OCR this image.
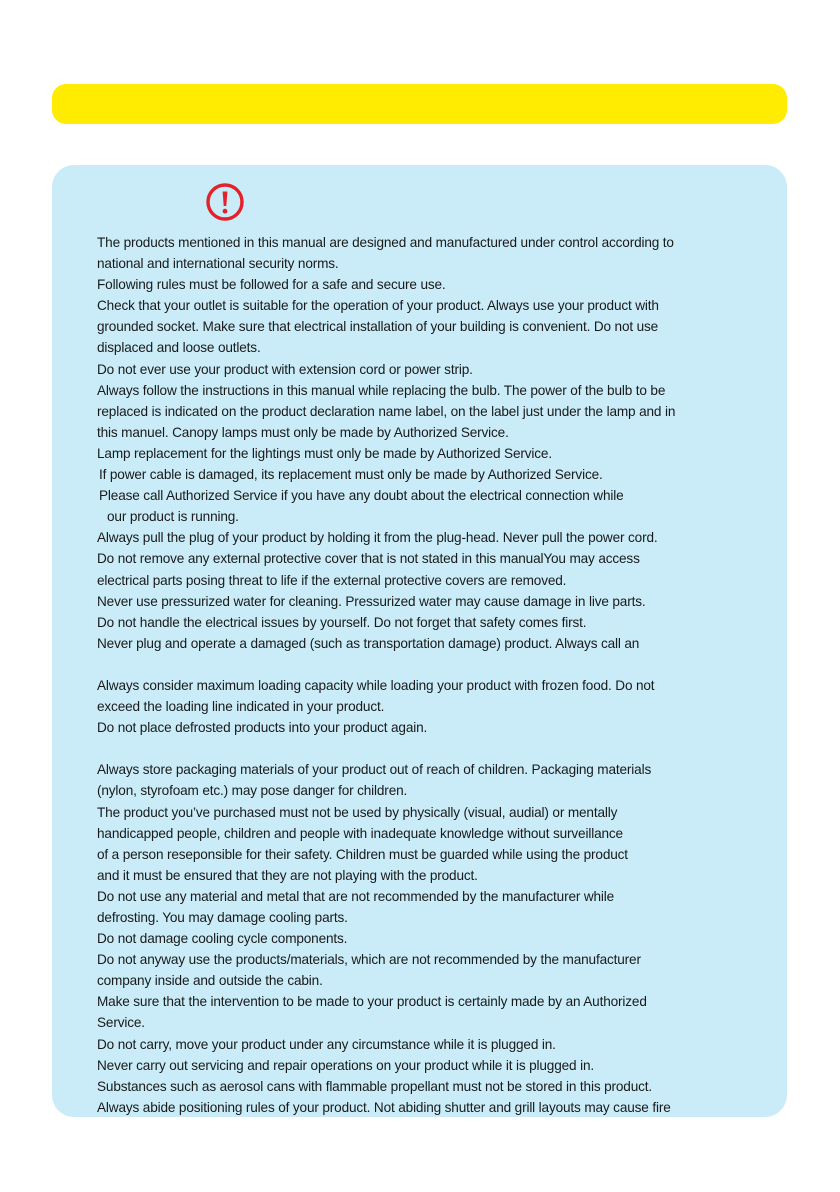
The products mentioned in this manual are designed and manufactured under control according to

national and international security norms.

Following rules must be followed for a safe and secure use.

Check that your outlet is suitable for the operation of your product. Always use your product with

grounded socket. Make sure that electrical installation of your building is convenient. Do not use

displaced and loose outlets.

Do not ever use your product with extension cord or power strip.

Always follow the instructions in this manual while replacing the bulb. The power of the bulb to be

replaced is indicated on the product declaration name label, on the label just under the lamp and in

this manuel. Canopy lamps must only be made by Authorized Service.

Lamp replacement for the lightings must only be made by Authorized Service.

If power cable is damaged, its replacement must only be made by Authorized Service.

Please call Authorized Service if you have any doubt about the electrical connection while

our product is running.

Always pull the plug of your product by holding it from the plug-head. Never pull the power cord.

Do not remove any external protective cover that is not stated in this manualYou may access

electrical parts posing threat to life if the external protective covers are removed.

Never use pressurized water for cleaning. Pressurized water may cause damage in live parts.

Do not handle the electrical issues by yourself. Do not forget that safety comes first.

Never plug and operate a damaged (such as transportation damage) product. Always call an

Always consider maximum loading capacity while loading your product with frozen food. Do not

exceed the loading line indicated in your product.

Do not place defrosted products into your product again.

Always store packaging materials of your product out of reach of children. Packaging materials

(nylon, styrofoam etc.) may pose danger for children.

The product you’ve purchased must not be used by physically (visual, audial) or mentally

handicapped people, children and people with inadequate knowledge without surveillance

of a person reseponsible for their safety. Children must be guarded while using the product

and it must be ensured that they are not playing with the product.

Do not use any material and metal that are not recommended by the manufacturer while

defrosting. You may damage cooling parts.

Do not damage cooling cycle components.

Do not anyway use the products/materials, which are not recommended by the manufacturer

company inside and outside the cabin.

Make sure that the intervention to be made to your product is certainly made by an Authorized

Service.

Do not carry, move your product under any circumstance while it is plugged in.

Never carry out servicing and repair operations on your product while it is plugged in.

Substances such as aerosol cans with flammable propellant must not be stored in this product.

Always abide positioning rules of your product. Not abiding shutter and grill layouts may cause fire
